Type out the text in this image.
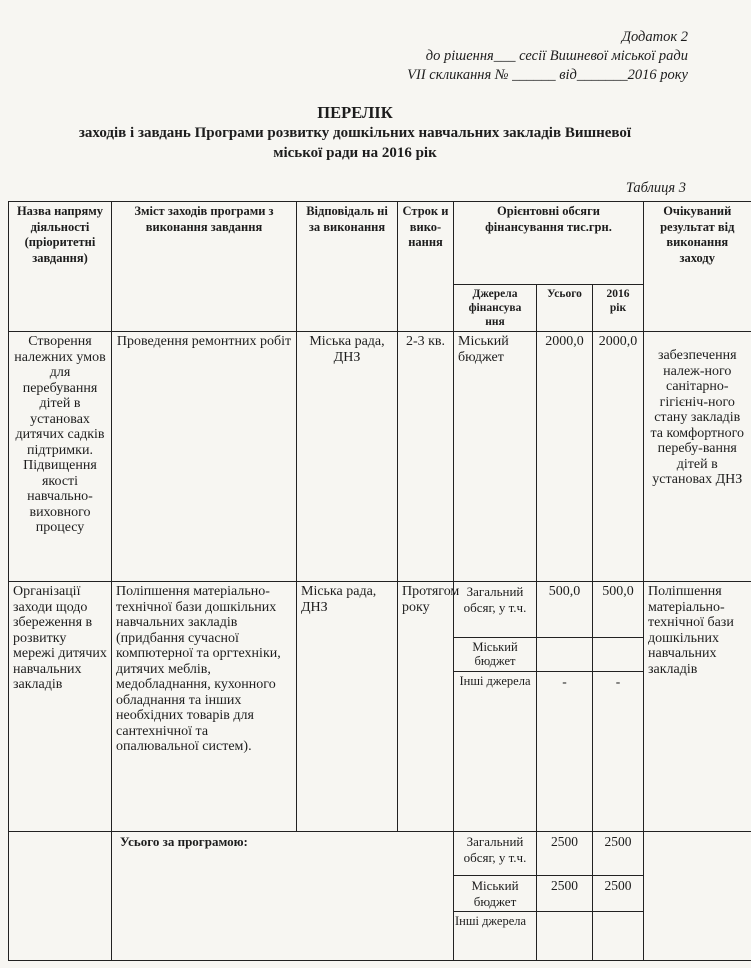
Додаток 2
до рішення___ сесії Вишневої міської ради
VІІ скликання № ______ від_______2016 року
ПЕРЕЛІК
заходів і завдань Програми розвитку дошкільних навчальних закладів Вишневої
міської ради на 2016 рік
Таблиця 3
Назва напряму діяльності (пріоритетні завдання)	Зміст заходів програми з виконання завдання	Відповідаль ні за виконання	Строк и вико- нання	Орієнтовні обсяги фінансування тис.грн.			Очікуваний результат від виконання заходу
				Джерела фінансува ння	Усього	2016 рік	
Створення належних умов для перебування дітей в установах дитячих садків підтримки. Підвищення якості навчально-виховного процесу	Проведення ремонтних робіт	Міська рада, ДНЗ	2-3 кв.	Міський бюджет	2000,0	2000,0	забезпечення належ-ного санітарно-гігієніч-ного стану закладів та комфортного перебу-вання дітей в установах ДНЗ
Організації заходи щодо збереження в розвитку мережі дитячих навчальних закладів	Поліпшення матеріально-технічної бази дошкільних навчальних закладів (придбання сучасної компютерної та оргтехніки, дитячих меблів, медобладнання, кухонного обладнання та інших необхідних товарів для сантехнічної та опалювальної систем).	Міська рада, ДНЗ	Протягом року	Загальний обсяг, у т.ч.	500,0	500,0	Поліпшення матеріально-технічної бази дошкільних навчальних закладів
				Міський бюджет			
				Інші джерела	-	-	
	Усього за програмою:			Загальний обсяг, у т.ч.	2500	2500	
				Міський бюджет	2500	2500	
				Інші джерела			
